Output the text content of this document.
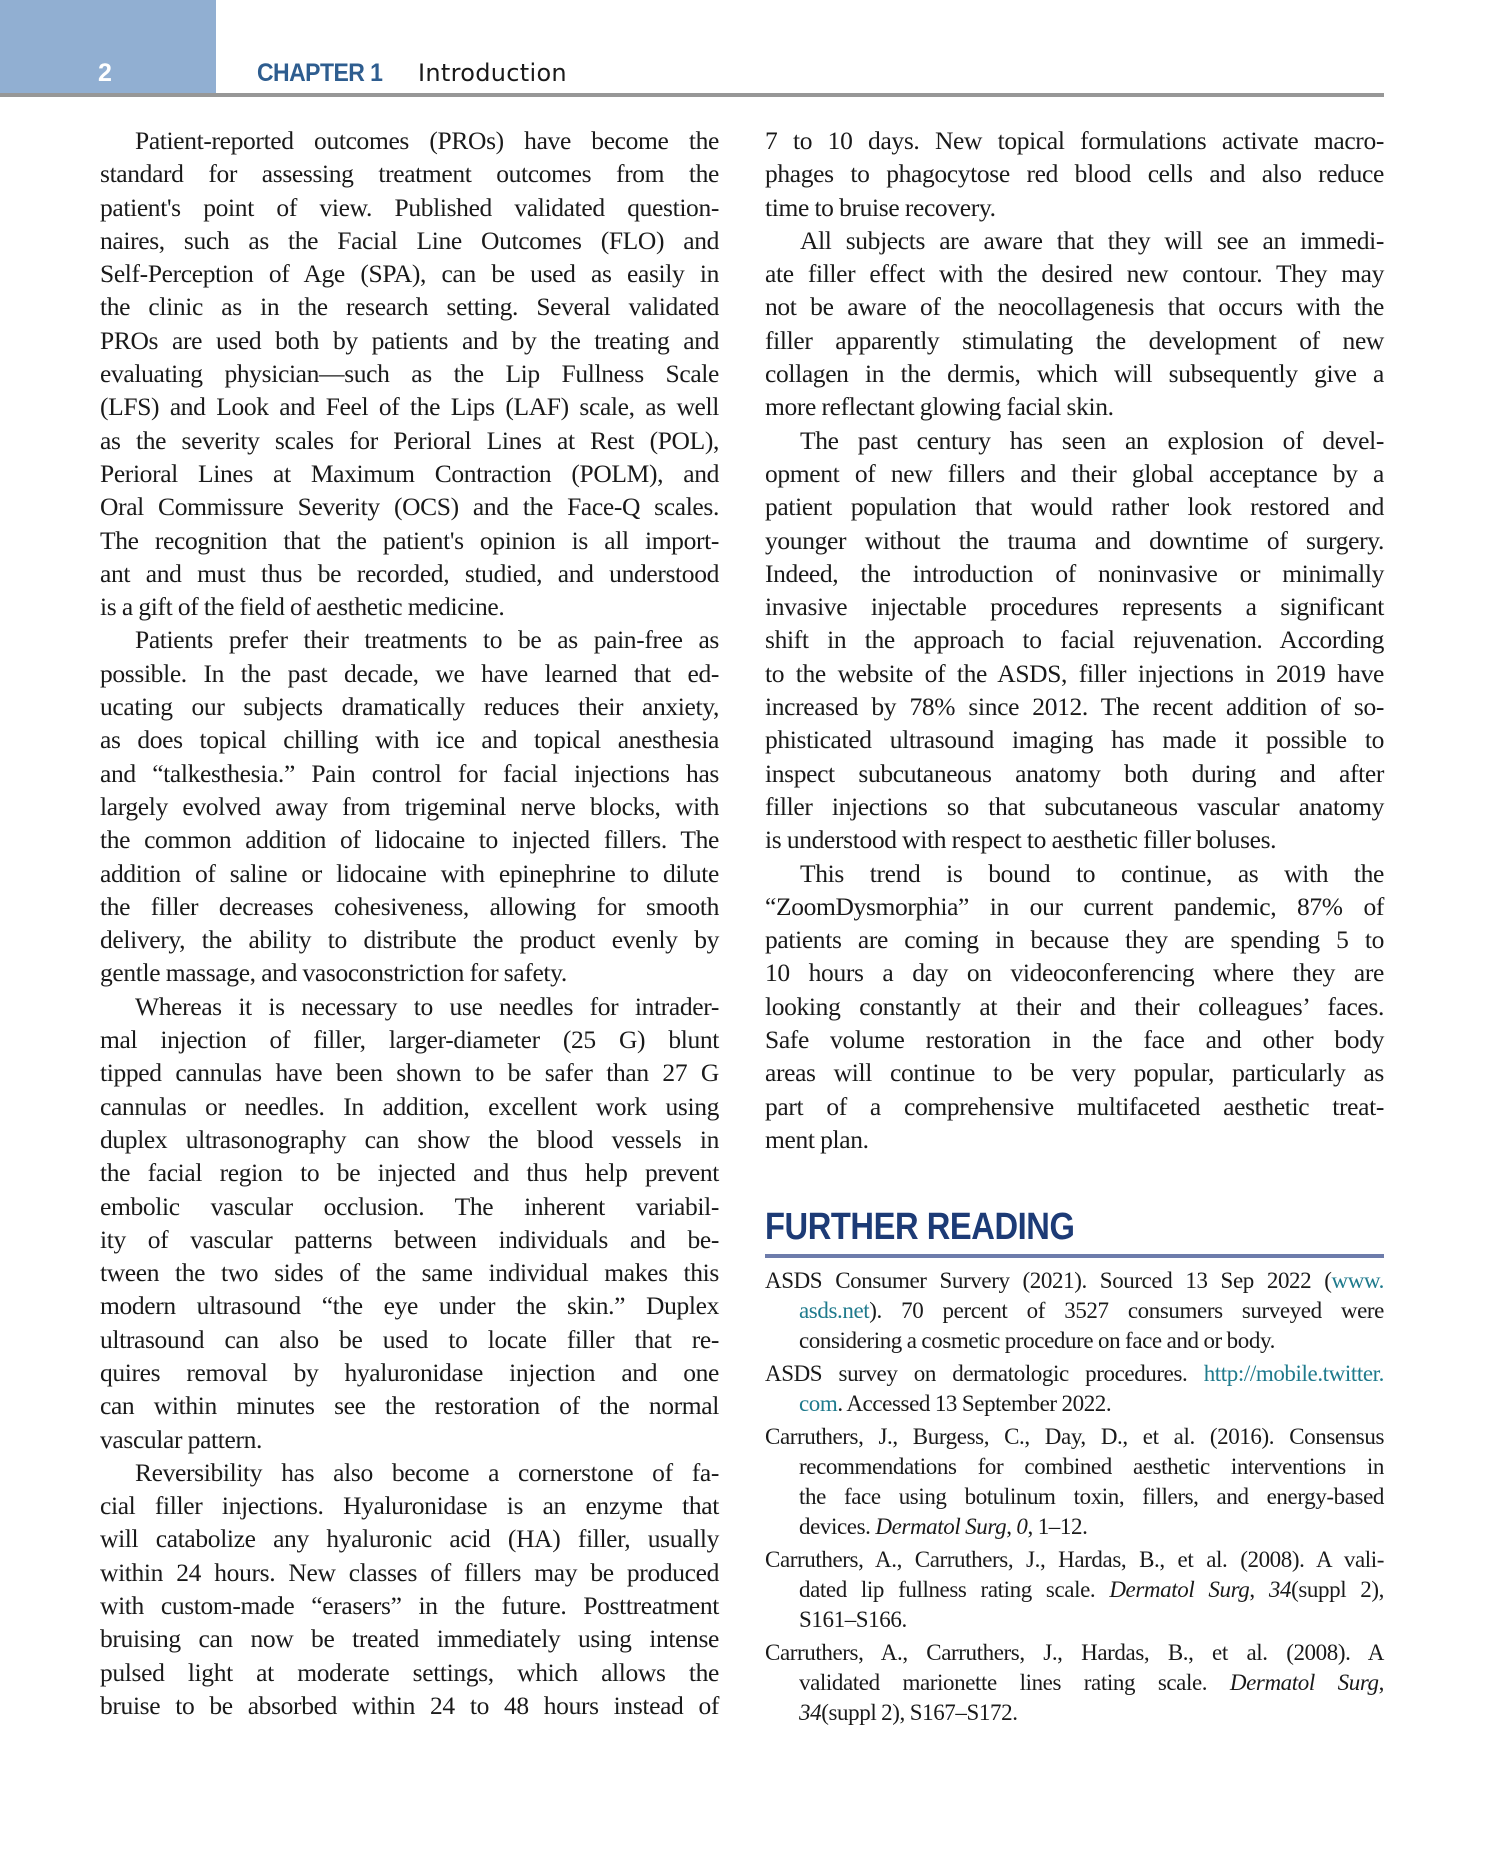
2	CHAPTER 1 Introduction
Patient-reported outcomes (PROs) have become the
standard for assessing treatment outcomes from the
patient's point of view. Published validated question-
naires, such as the Facial Line Outcomes (FLO) and
Self-Perception of Age (SPA), can be used as easily in
the clinic as in the research setting. Several validated
PROs are used both by patients and by the treating and
evaluating physician—such as the Lip Fullness Scale
(LFS) and Look and Feel of the Lips (LAF) scale, as well
as the severity scales for Perioral Lines at Rest (POL),
Perioral Lines at Maximum Contraction (POLM), and
Oral Commissure Severity (OCS) and the Face-Q scales.
The recognition that the patient's opinion is all import-
ant and must thus be recorded, studied, and understood
is a gift of the field of aesthetic medicine.
Patients prefer their treatments to be as pain-free as
possible. In the past decade, we have learned that ed-
ucating our subjects dramatically reduces their anxiety,
as does topical chilling with ice and topical anesthesia
and “talkesthesia.” Pain control for facial injections has
largely evolved away from trigeminal nerve blocks, with
the common addition of lidocaine to injected fillers. The
addition of saline or lidocaine with epinephrine to dilute
the filler decreases cohesiveness, allowing for smooth
delivery, the ability to distribute the product evenly by
gentle massage, and vasoconstriction for safety.
Whereas it is necessary to use needles for intrader-
mal injection of filler, larger-diameter (25 G) blunt
tipped cannulas have been shown to be safer than 27 G
cannulas or needles. In addition, excellent work using
duplex ultrasonography can show the blood vessels in
the facial region to be injected and thus help prevent
embolic vascular occlusion. The inherent variabil-
ity of vascular patterns between individuals and be-
tween the two sides of the same individual makes this
modern ultrasound “the eye under the skin.” Duplex
ultrasound can also be used to locate filler that re-
quires removal by hyaluronidase injection and one
can within minutes see the restoration of the normal
vascular pattern.
Reversibility has also become a cornerstone of fa-
cial filler injections. Hyaluronidase is an enzyme that
will catabolize any hyaluronic acid (HA) filler, usually
within 24 hours. New classes of fillers may be produced
with custom-made “erasers” in the future. Posttreatment
bruising can now be treated immediately using intense
pulsed light at moderate settings, which allows the
bruise to be absorbed within 24 to 48 hours instead of
7 to 10 days. New topical formulations activate macro-
phages to phagocytose red blood cells and also reduce
time to bruise recovery.
All subjects are aware that they will see an immedi-
ate filler effect with the desired new contour. They may
not be aware of the neocollagenesis that occurs with the
filler apparently stimulating the development of new
collagen in the dermis, which will subsequently give a
more reflectant glowing facial skin.
The past century has seen an explosion of devel-
opment of new fillers and their global acceptance by a
patient population that would rather look restored and
younger without the trauma and downtime of surgery.
Indeed, the introduction of noninvasive or minimally
invasive injectable procedures represents a significant
shift in the approach to facial rejuvenation. According
to the website of the ASDS, filler injections in 2019 have
increased by 78% since 2012. The recent addition of so-
phisticated ultrasound imaging has made it possible to
inspect subcutaneous anatomy both during and after
filler injections so that subcutaneous vascular anatomy
is understood with respect to aesthetic filler boluses.
This trend is bound to continue, as with the
“ZoomDysmorphia” in our current pandemic, 87% of
patients are coming in because they are spending 5 to
10 hours a day on videoconferencing where they are
looking constantly at their and their colleagues’ faces.
Safe volume restoration in the face and other body
areas will continue to be very popular, particularly as
part of a comprehensive multifaceted aesthetic treat-
ment plan.
FURTHER READING
ASDS Consumer Survery (2021). Sourced 13 Sep 2022 (www.
asds.net). 70 percent of 3527 consumers surveyed were
considering a cosmetic procedure on face and or body.
ASDS survey on dermatologic procedures. http://mobile.twitter.
com. Accessed 13 September 2022.
Carruthers, J., Burgess, C., Day, D., et al. (2016). Consensus
recommendations for combined aesthetic interventions in
the face using botulinum toxin, fillers, and energy-based
devices. Dermatol Surg, 0, 1–12.
Carruthers, A., Carruthers, J., Hardas, B., et al. (2008). A vali-
dated lip fullness rating scale. Dermatol Surg, 34(suppl 2),
S161–S166.
Carruthers, A., Carruthers, J., Hardas, B., et al. (2008). A
validated marionette lines rating scale. Dermatol Surg,
34(suppl 2), S167–S172.
